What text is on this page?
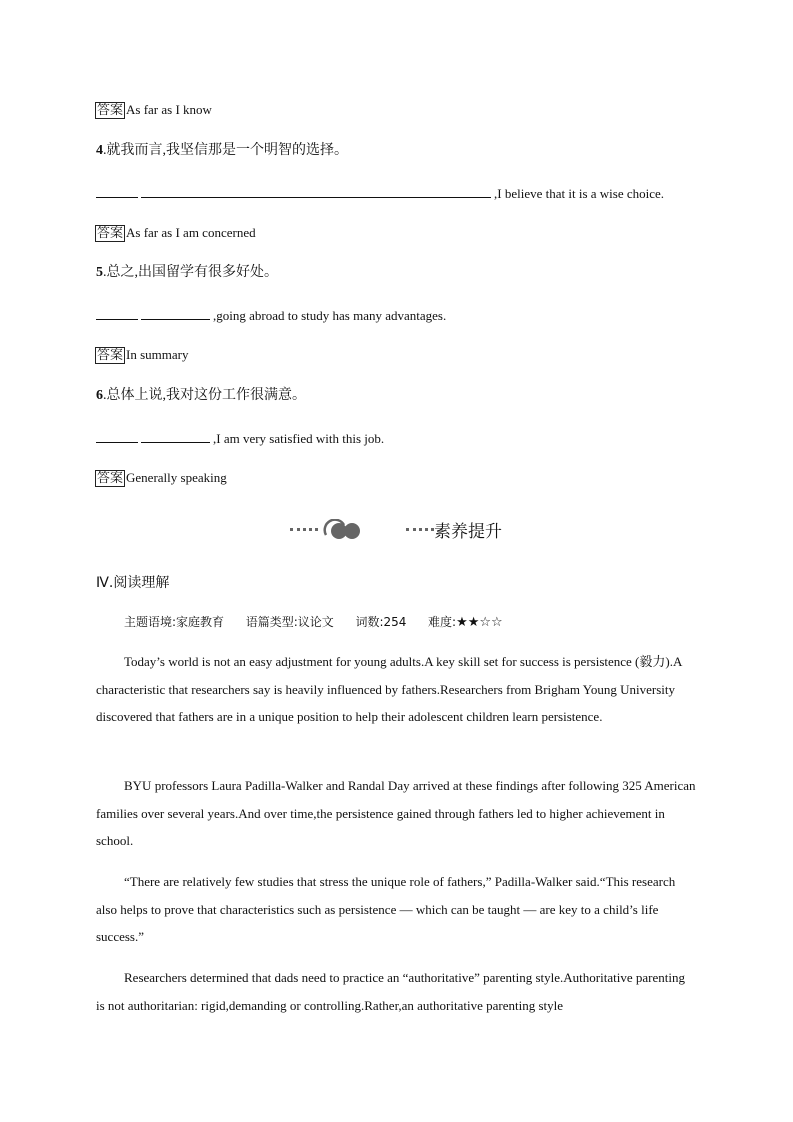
答案 As far as I know
4.就我而言,我坚信那是一个明智的选择。
,I believe that it is a wise choice.
答案 As far as I am concerned
5.总之,出国留学有很多好处。
,going abroad to study has many advantages.
答案 In summary
6.总体上说,我对这份工作很满意。
,I am very satisfied with this job.
答案 Generally speaking
素养提升
Ⅳ.阅读理解
主题语境:家庭教育 语篇类型:议论文 词数:254 难度:★★☆☆
Today’s world is not an easy adjustment for young adults.A key skill set for success is persistence (毅力).A characteristic that researchers say is heavily influenced by fathers.Researchers from Brigham Young University discovered that fathers are in a unique position to help their adolescent children learn persistence.
BYU professors Laura Padilla-Walker and Randal Day arrived at these findings after following 325 American families over several years.And over time,the persistence gained through fathers led to higher achievement in school.
“There are relatively few studies that stress the unique role of fathers,” Padilla-Walker said.“This research also helps to prove that characteristics such as persistence — which can be taught — are key to a child’s life success.”
Researchers determined that dads need to practice an “authoritative” parenting style.Authoritative parenting is not authoritarian: rigid,demanding or controlling.Rather,an authoritative parenting style
